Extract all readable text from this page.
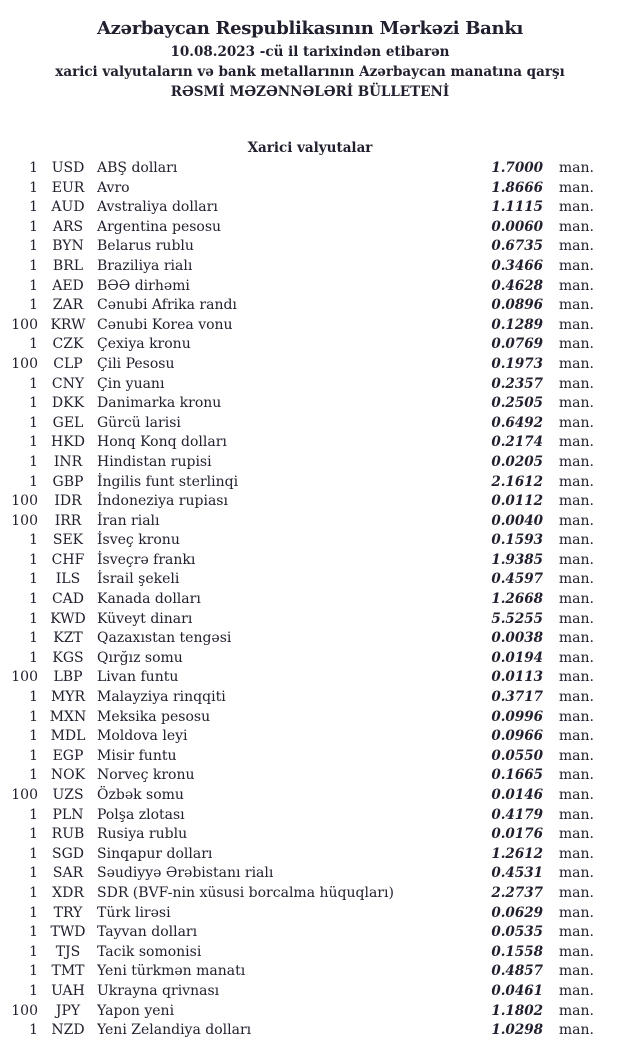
Azərbaycan Respublikasının Mərkəzi Bankı
10.08.2023 -cü il tarixindən etibarən
xarici valyutaların və bank metallarının Azərbaycan manatına qarşı
RƏSMİ MƏZƏNNƏLƏRİ BÜLLETENİ
Xarici valyutalar
1 USD ABŞ dolları	1.7000 man.
1 EUR Avro	1.8666 man.
1 AUD Avstraliya dolları	1.1115 man.
1	ARS Argentina pesosu	0.0060 man.
1	BYN Belarus rublu	0.6735 man.
1	BRL Braziliya rialı	0.3466 man.
1	AED BƏƏ dirhəmi	0.4628 man.
1	ZAR Cənubi Afrika randı	0.0896 man.
100 KRW Cənubi Korea vonu	0.1289 man.
1	CZK Çexiya kronu	0.0769 man.
100	CLP	Çili Pesosu	0.1973 man.
1 CNY Çin yuanı	0.2357 man.
1 DKK Danimarka kronu	0.2505 man.
1	GEL Gürcü larisi	0.6492 man.
1 HKD Honq Konq dolları	0.2174 man.
1	INR	Hindistan rupisi	0.0205 man.
1	GBP İngilis funt sterlinqi	2.1612 man.
100	IDR	İndoneziya rupiası	0.0112 man.
100	IRR	İran rialı	0.0040 man.
1	SEK İsveç kronu	0.1593 man.
1 CHF İsveçrə frankı	1.9385 man.
1	ILS	İsrail şekeli	0.4597 man.
1 CAD Kanada dolları	1.2668 man.
1 KWD Küveyt dinarı	5.5255 man.
1	KZT	Qazaxıstan tengəsi	0.0038 man.
1	KGS Qırğız somu	0.0194 man.
100	LBP	Livan funtu	0.0113 man.
1 MYR Malayziya rinqqiti	0.3717 man.
1 MXN Meksika pesosu	0.0996 man.
1 MDL Moldova leyi	0.0966 man.
1	EGP Misir funtu	0.0550 man.
1 NOK Norveç kronu	0.1665 man.
100	UZS Özbək somu	0.0146 man.
1	PLN Polşa zlotası	0.4179 man.
1 RUB Rusiya rublu	0.0176 man.
1	SGD Sinqapur dolları	1.2612 man.
1	SAR Səudiyyə Ərəbistanı rialı	0.4531 man.
1	XDR SDR (BVF-nin xüsusi borcalma hüquqları)	2.2737 man.
1	TRY	Türk lirəsi	0.0629 man.
1 TWD Tayvan dolları	0.0535 man.
1	TJS	Tacik somonisi	0.1558 man.
1 TMT Yeni türkmən manatı	0.4857 man.
1 UAH Ukrayna qrivnası	0.0461 man.
100	JPY	Yapon yeni	1.1802 man.
1 NZD Yeni Zelandiya dolları	1.0298 man.
